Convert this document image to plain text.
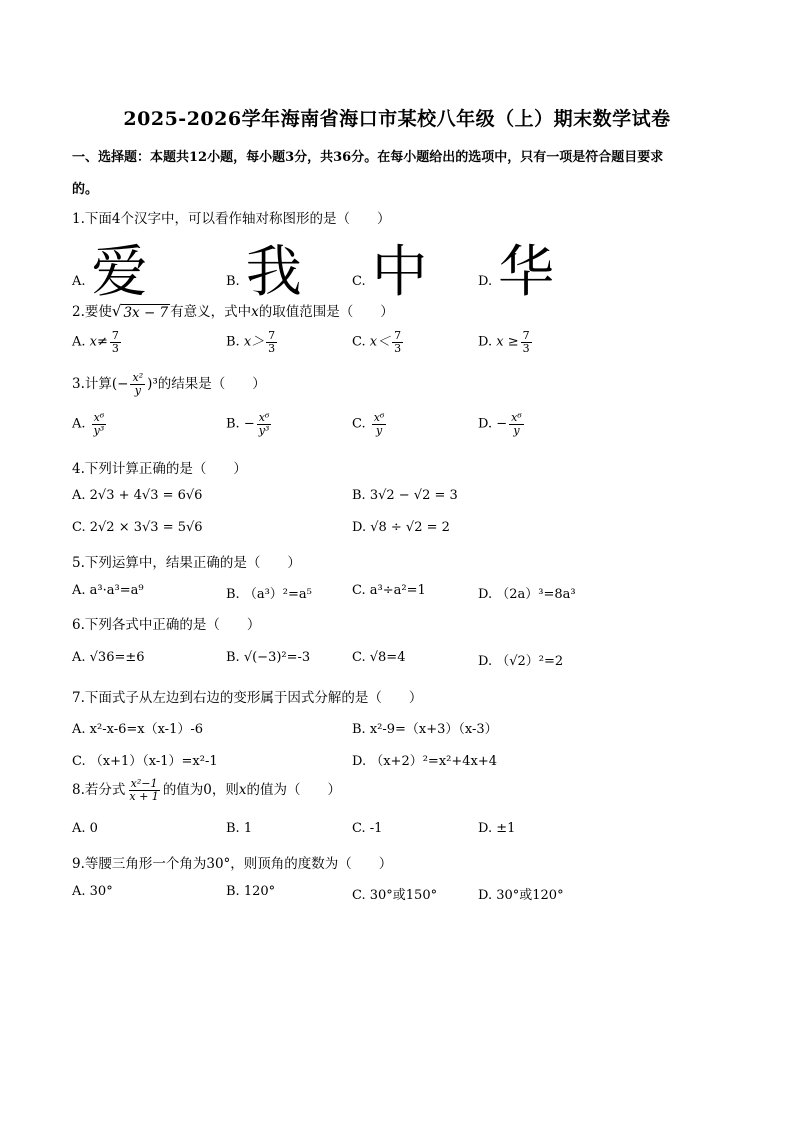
2025-2026学年海南省海口市某校八年级（上）期末数学试卷
一、选择题：本题共12小题，每小题3分，共36分。在每小题给出的选项中，只有一项是符合题目要求
的。
1.下面4个汉字中，可以看作轴对称图形的是（　　）
A. 爱	B. 我	C. 中	D. 华
2.要使 √ 3x − 7 有意义，式中x的取值范围是（　　）
A. $x\ne \frac{7}{3}$	B. $x> \frac{7}{3}$	C. $x< \frac{7}{3}$	D. $x \ge \frac{7}{3}$
3.计算(− $\frac{\text{x²}}{y} )^3$的结果是（　　）
A. $\frac{\text{x⁶}}{\text{y³}}$	B. − $\frac{\text{x⁶}}{\text{y³}}$	C. $\frac{\text{x⁶}}{y}$	D. − $\frac{\text{x⁶}}{y}$
4.下列计算正确的是（　　）
A. 2√3 + 4√3 = 6√6	B. 3√2 − √2 = 3
C. 2√2 × 3√3 = 5√6	D. √8 ÷ √2 = 2
5.下列运算中，结果正确的是（　　）
A. a³·a³=a⁹	B. （a³）²=a⁵	C. a³÷a²=1	D. （2a）³=8a³
6.下列各式中正确的是（　　）
A. √36=±6	B. √(−3)²=-3	C. √8=4	D. （√2）²=2
7.下面式子从左边到右边的变形属于因式分解的是（　　）
A. x²-x-6=x（x-1）-6	B. x²-9=（x+3）（x-3）
C. （x+1）（x-1）=x²-1	D. （x+2）²=x²+4x+4
8.若分式 $\frac{\text{x²−1}}{x + 1}$ 的值为0，则x的值为（　　）
A. 0	B. 1	C. -1	D. ±1
9.等腰三角形一个角为30°，则顶角的度数为（　　）
A. 30°	B. 120°	C. 30°或150°	D. 30°或120°
